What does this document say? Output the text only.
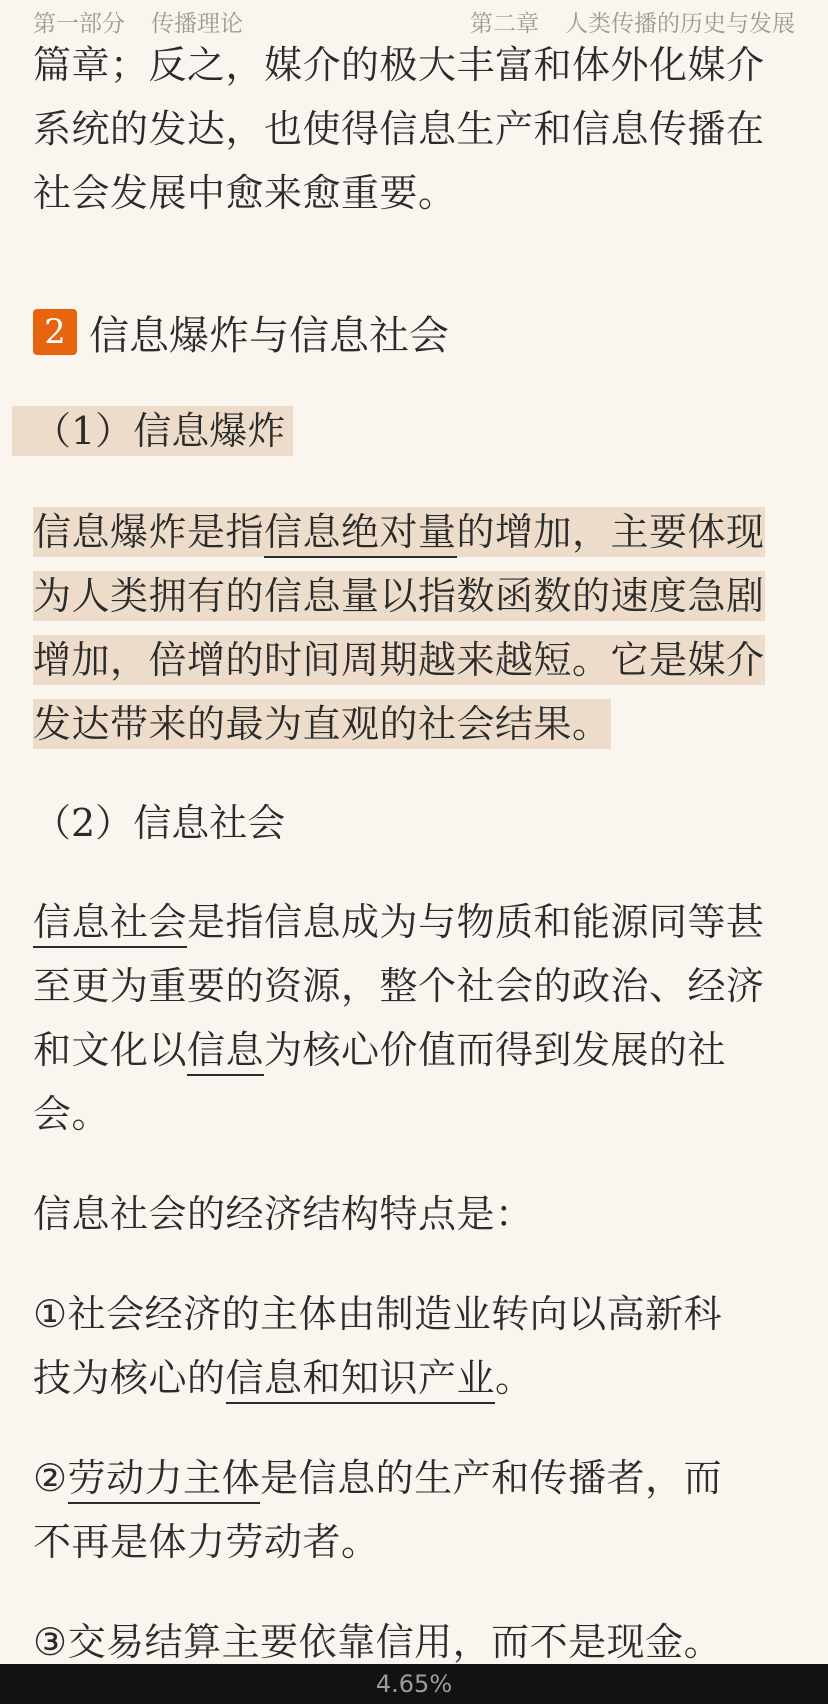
第一部分 传播理论	第二章 人类传播的历史与发展
篇章；反之，媒介的极大丰富和体外化媒介
系统的发达，也使得信息生产和信息传播在
社会发展中愈来愈重要。
2 信息爆炸与信息社会
（1）信息爆炸
信息爆炸是指信息绝对量的增加，主要体现
为人类拥有的信息量以指数函数的速度急剧
增加，倍增的时间周期越来越短。它是媒介
发达带来的最为直观的社会结果。
（2）信息社会
信息社会是指信息成为与物质和能源同等甚
至更为重要的资源，整个社会的政治、经济
和文化以信息为核心价值而得到发展的社
会。
信息社会的经济结构特点是：
①社会经济的主体由制造业转向以高新科
技为核心的信息和知识产业。
②劳动力主体是信息的生产和传播者，而
不再是体力劳动者。
③交易结算主要依靠信用，而不是现金。
4.65%
